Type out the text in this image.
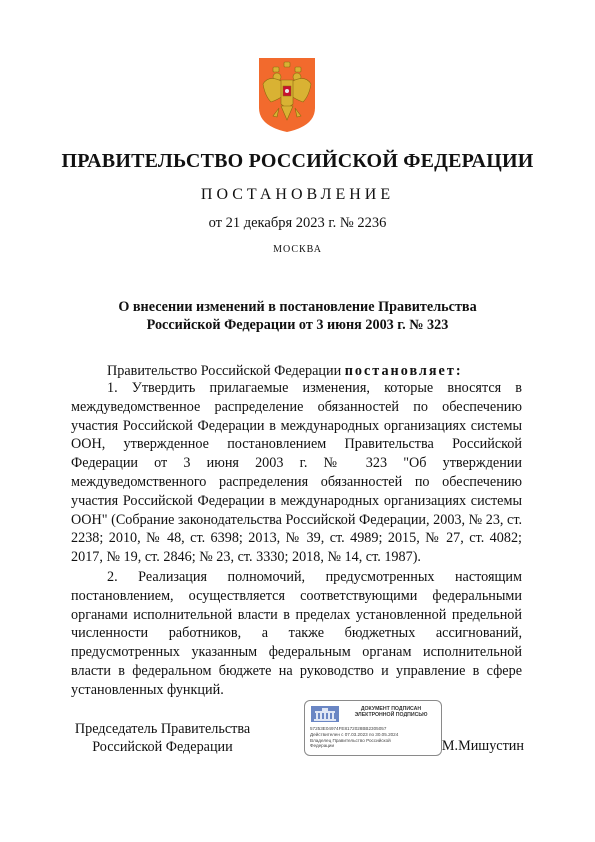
ПРАВИТЕЛЬСТВО РОССИЙСКОЙ ФЕДЕРАЦИИ
ПОСТАНОВЛЕНИЕ
от 21 декабря 2023 г. № 2236
МОСКВА
О внесении изменений в постановление Правительства
Российской Федерации от 3 июня 2003 г. № 323
Правительство Российской Федерации постановляет:
1. Утвердить прилагаемые изменения, которые вносятся в междуведомственное распределение обязанностей по обеспечению участия Российской Федерации в международных организациях системы ООН, утвержденное постановлением Правительства Российской Федерации от 3 июня 2003 г. № 323 "Об утверждении междуведомственного распределения обязанностей по обеспечению участия Российской Федерации в международных организациях системы ООН" (Собрание законодательства Российской Федерации, 2003, № 23, ст. 2238; 2010, № 48, ст. 6398; 2013, № 39, ст. 4989; 2015, № 27, ст. 4082; 2017, № 19, ст. 2846; № 23, ст. 3330; 2018, № 14, ст. 1987).
2. Реализация полномочий, предусмотренных настоящим постановлением, осуществляется соответствующими федеральными органами исполнительной власти в пределах установленной предельной численности работников, а также бюджетных ассигнований, предусмотренных указанным федеральным органам исполнительной власти в федеральном бюджете на руководство и управление в сфере установленных функций.
Председатель Правительства
Российской Федерации
ДОКУМЕНТ ПОДПИСАН
ЭЛЕКТРОННОЙ ПОДПИСЬЮ
57253E04974FE8172028BB2305057
Действителен с 07.03.2023 по 30.05.2024
Владелец Правительство Российской
Федерации	М.Мишустин
